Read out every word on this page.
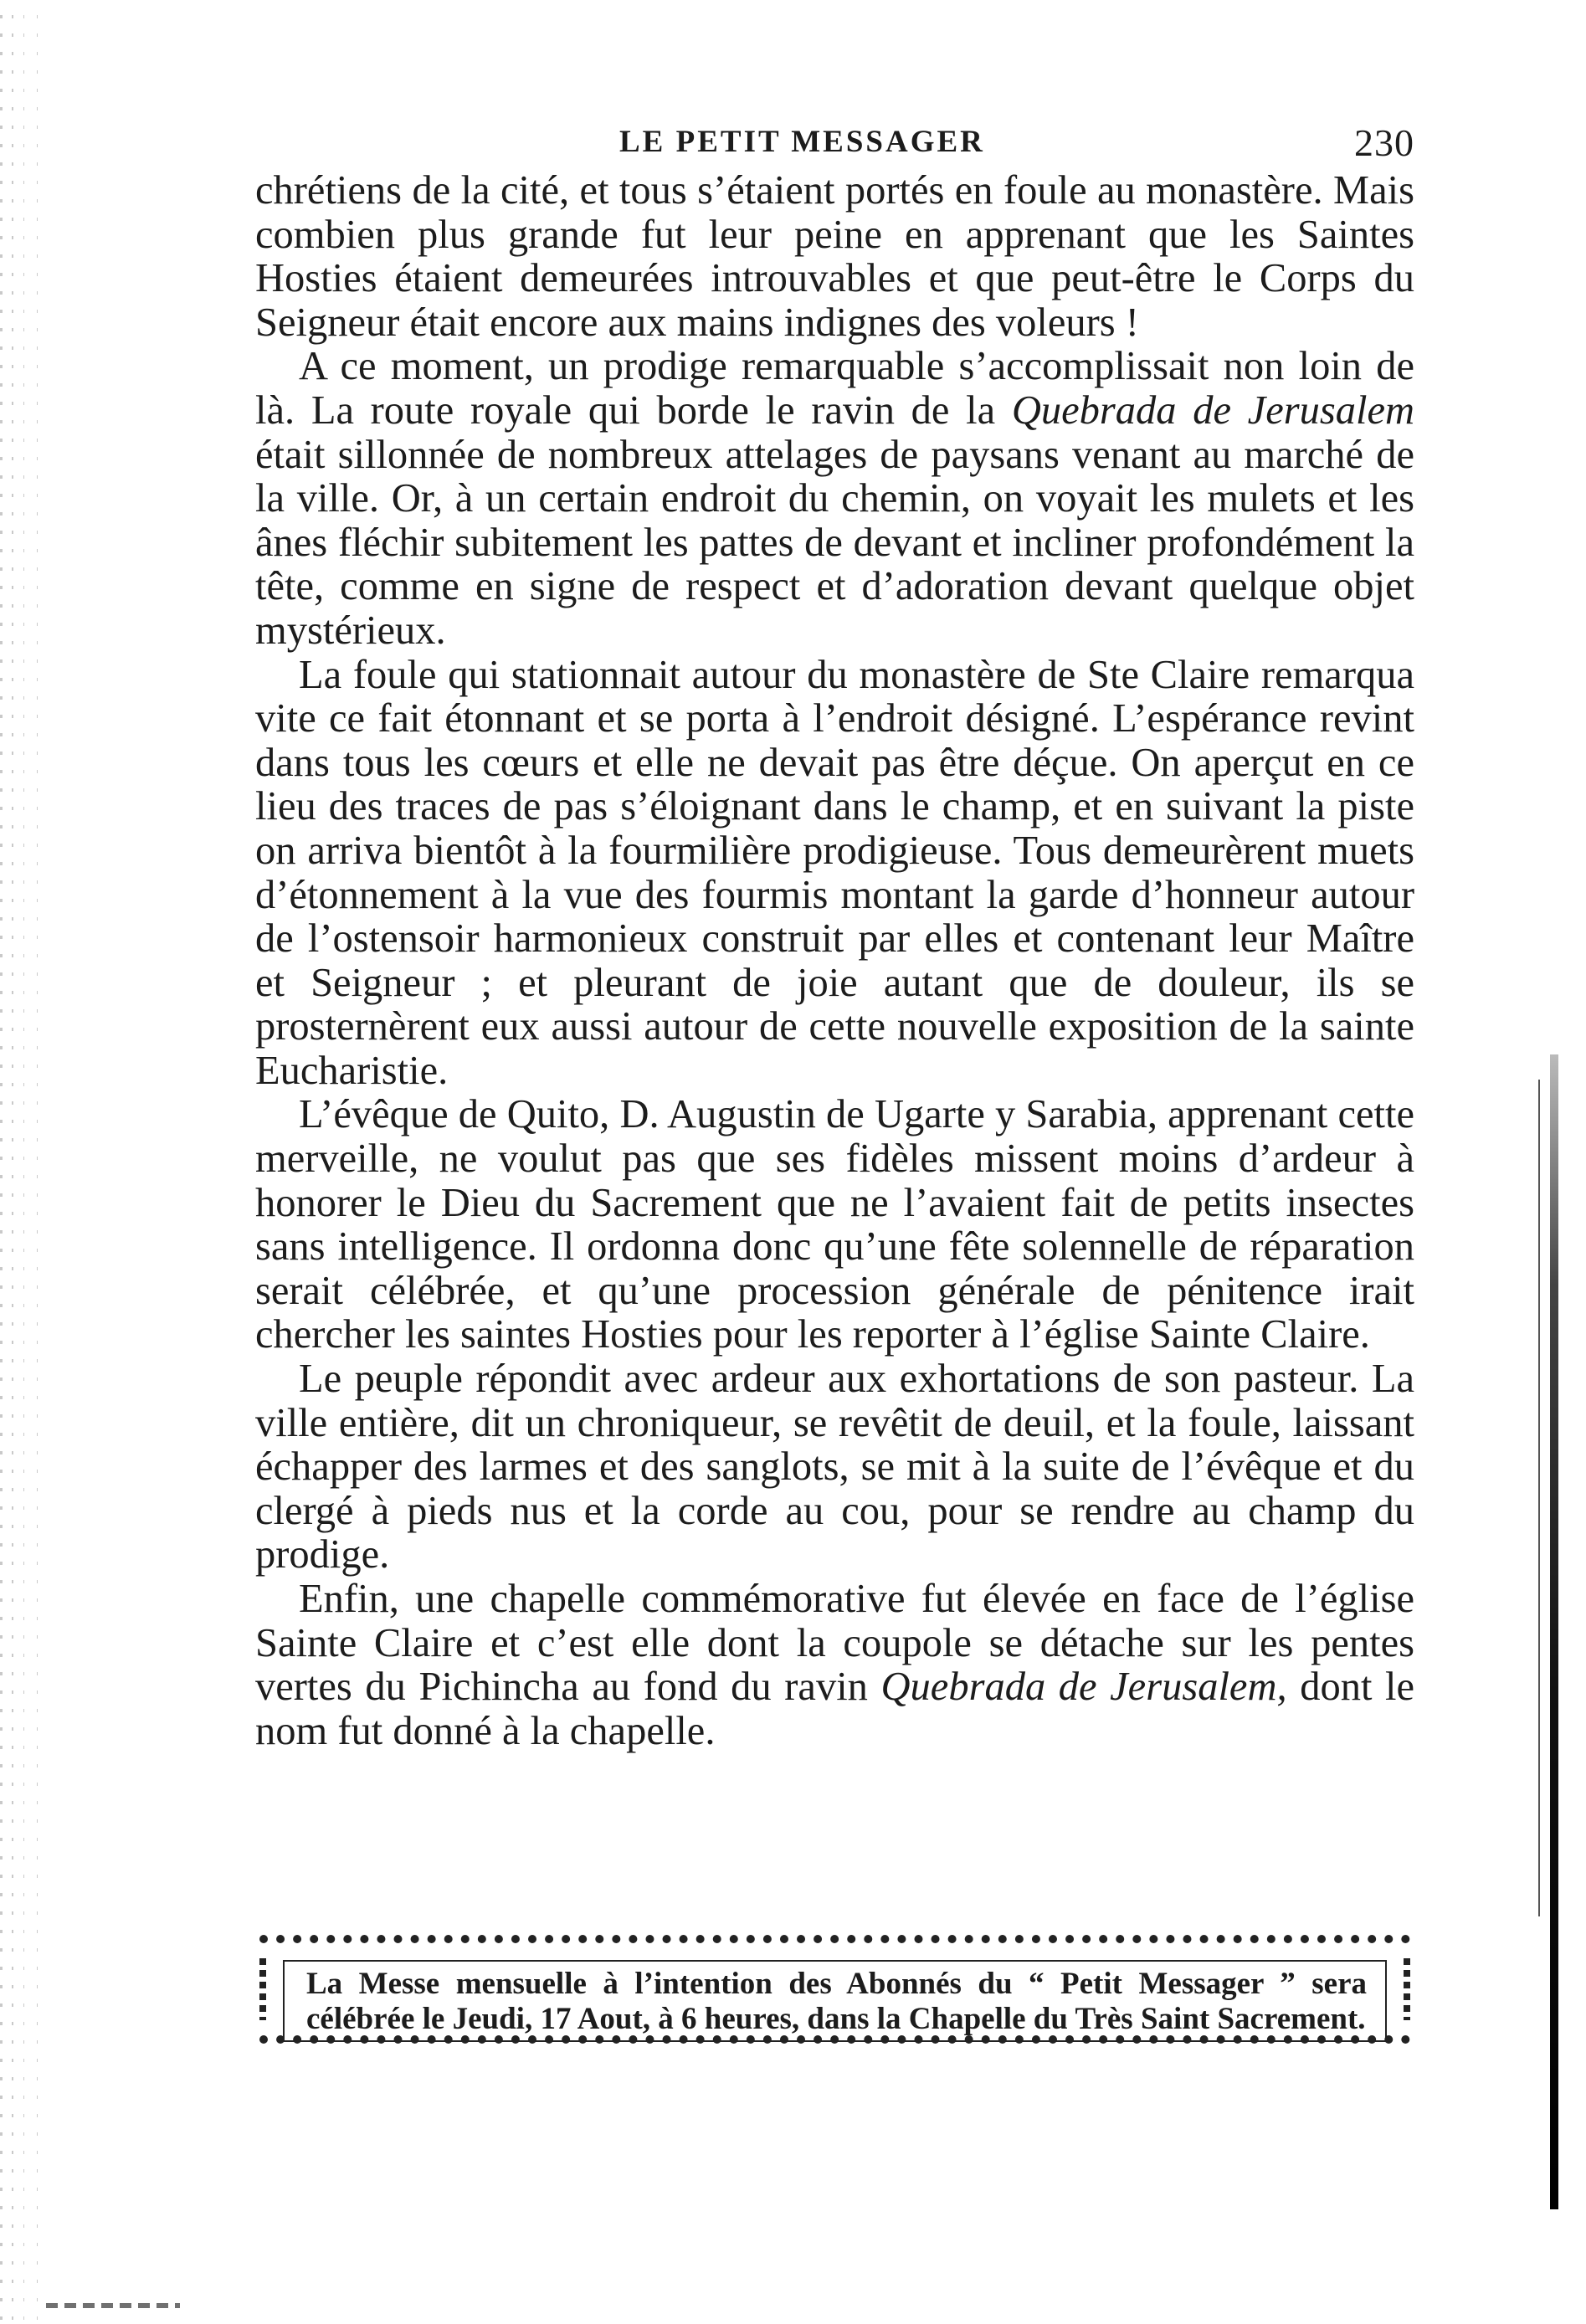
LE PETIT MESSAGER	230

chrétiens de la cité, et tous s’étaient portés en foule au monastère. Mais combien plus grande fut leur peine en apprenant que les Saintes Hosties étaient demeurées introuvables et que peut-être le Corps du Seigneur était encore aux mains indignes des voleurs !

A ce moment, un prodige remarquable s’accomplissait non loin de là. La route royale qui borde le ravin de la Quebrada de Jerusalem était sillonnée de nombreux attelages de paysans venant au marché de la ville. Or, à un certain endroit du chemin, on voyait les mulets et les ânes fléchir subitement les pattes de devant et incliner profondément la tête, comme en signe de respect et d’adoration devant quelque objet mystérieux.

La foule qui stationnait autour du monastère de Ste Claire remarqua vite ce fait étonnant et se porta à l’endroit désigné. L’espérance revint dans tous les cœurs et elle ne devait pas être déçue. On aperçut en ce lieu des traces de pas s’éloignant dans le champ, et en suivant la piste on arriva bientôt à la fourmilière prodigieuse. Tous demeurèrent muets d’étonnement à la vue des fourmis montant la garde d’honneur autour de l’ostensoir harmonieux construit par elles et contenant leur Maître et Seigneur ; et pleurant de joie autant que de douleur, ils se prosternèrent eux aussi autour de cette nouvelle exposition de la sainte Eucharistie.

L’évêque de Quito, D. Augustin de Ugarte y Sarabia, apprenant cette merveille, ne voulut pas que ses fidèles missent moins d’ardeur à honorer le Dieu du Sacrement que ne l’avaient fait de petits insectes sans intelligence. Il ordonna donc qu’une fête solennelle de réparation serait célébrée, et qu’une procession générale de pénitence irait chercher les saintes Hosties pour les reporter à l’église Sainte Claire.

Le peuple répondit avec ardeur aux exhortations de son pasteur. La ville entière, dit un chroniqueur, se revêtit de deuil, et la foule, laissant échapper des larmes et des sanglots, se mit à la suite de l’évêque et du clergé à pieds nus et la corde au cou, pour se rendre au champ du prodige.

Enfin, une chapelle commémorative fut élevée en face de l’église Sainte Claire et c’est elle dont la coupole se détache sur les pentes vertes du Pichincha au fond du ravin Quebrada de Jerusalem, dont le nom fut donné à la chapelle.

La Messe mensuelle à l’intention des Abonnés du “ Petit Messager ” sera célébrée le Jeudi, 17 Aout, à 6 heures, dans la Chapelle du Très Saint Sacrement.
